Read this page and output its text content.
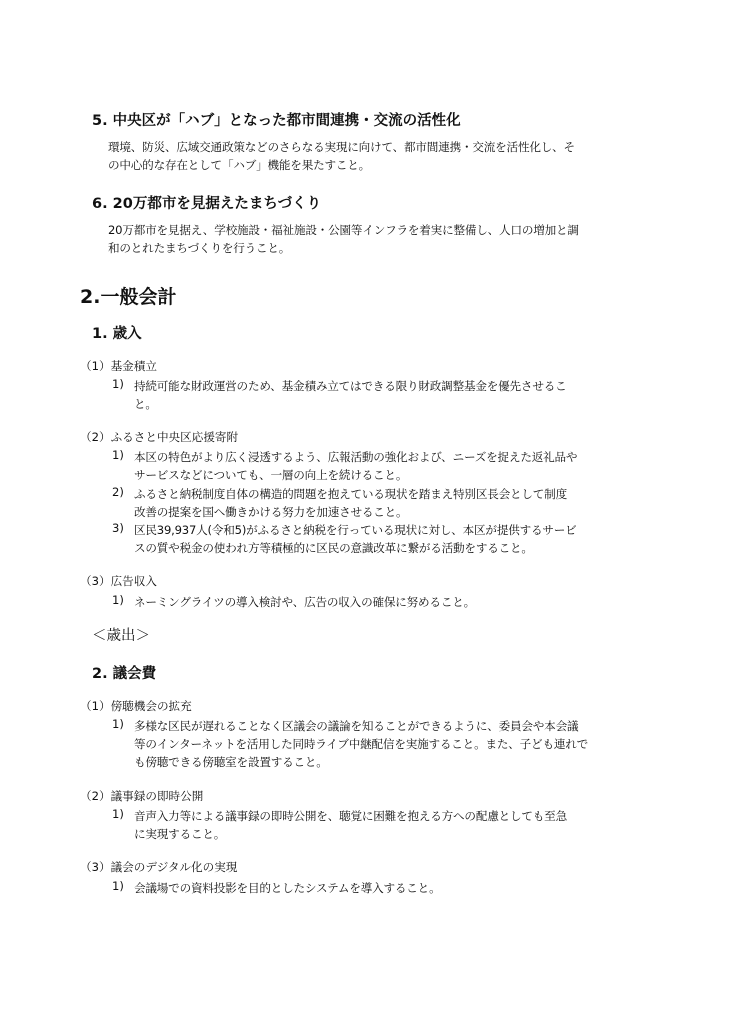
5. 中央区が「ハブ」となった都市間連携・交流の活性化

環境、防災、広域交通政策などのさらなる実現に向けて、都市間連携・交流を活性化し、そ

の中心的な存在として「ハブ」機能を果たすこと。

6. 20万都市を見据えたまちづくり

20万都市を見据え、学校施設・福祉施設・公園等インフラを着実に整備し、人口の増加と調

和のとれたまちづくりを行うこと。

2.一般会計
1. 歳入
（1）基金積立
1) 持続可能な財政運営のため、基金積み立てはできる限り財政調整基金を優先させるこ

と。

（2）ふるさと中央区応援寄附
1) 本区の特色がより広く浸透するよう、広報活動の強化および、ニーズを捉えた返礼品や

サービスなどについても、一層の向上を続けること。

2) ふるさと納税制度自体の構造的問題を抱えている現状を踏まえ特別区長会として制度

改善の提案を国へ働きかける努力を加速させること。

3) 区民39,937人(令和5)がふるさと納税を行っている現状に対し、本区が提供するサービ

スの質や税金の使われ方等積極的に区民の意識改革に繋がる活動をすること。

（3）広告収入
1) ネーミングライツの導入検討や、広告の収入の確保に努めること。

＜歳出＞

2. 議会費
（1）傍聴機会の拡充
1) 多様な区民が遅れることなく区議会の議論を知ることができるように、委員会や本会議

等のインターネットを活用した同時ライブ中継配信を実施すること。また、子ども連れで

も傍聴できる傍聴室を設置すること。

（2）議事録の即時公開
1) 音声入力等による議事録の即時公開を、聴覚に困難を抱える方への配慮としても至急

に実現すること。

（3）議会のデジタル化の実現
1) 会議場での資料投影を目的としたシステムを導入すること。
